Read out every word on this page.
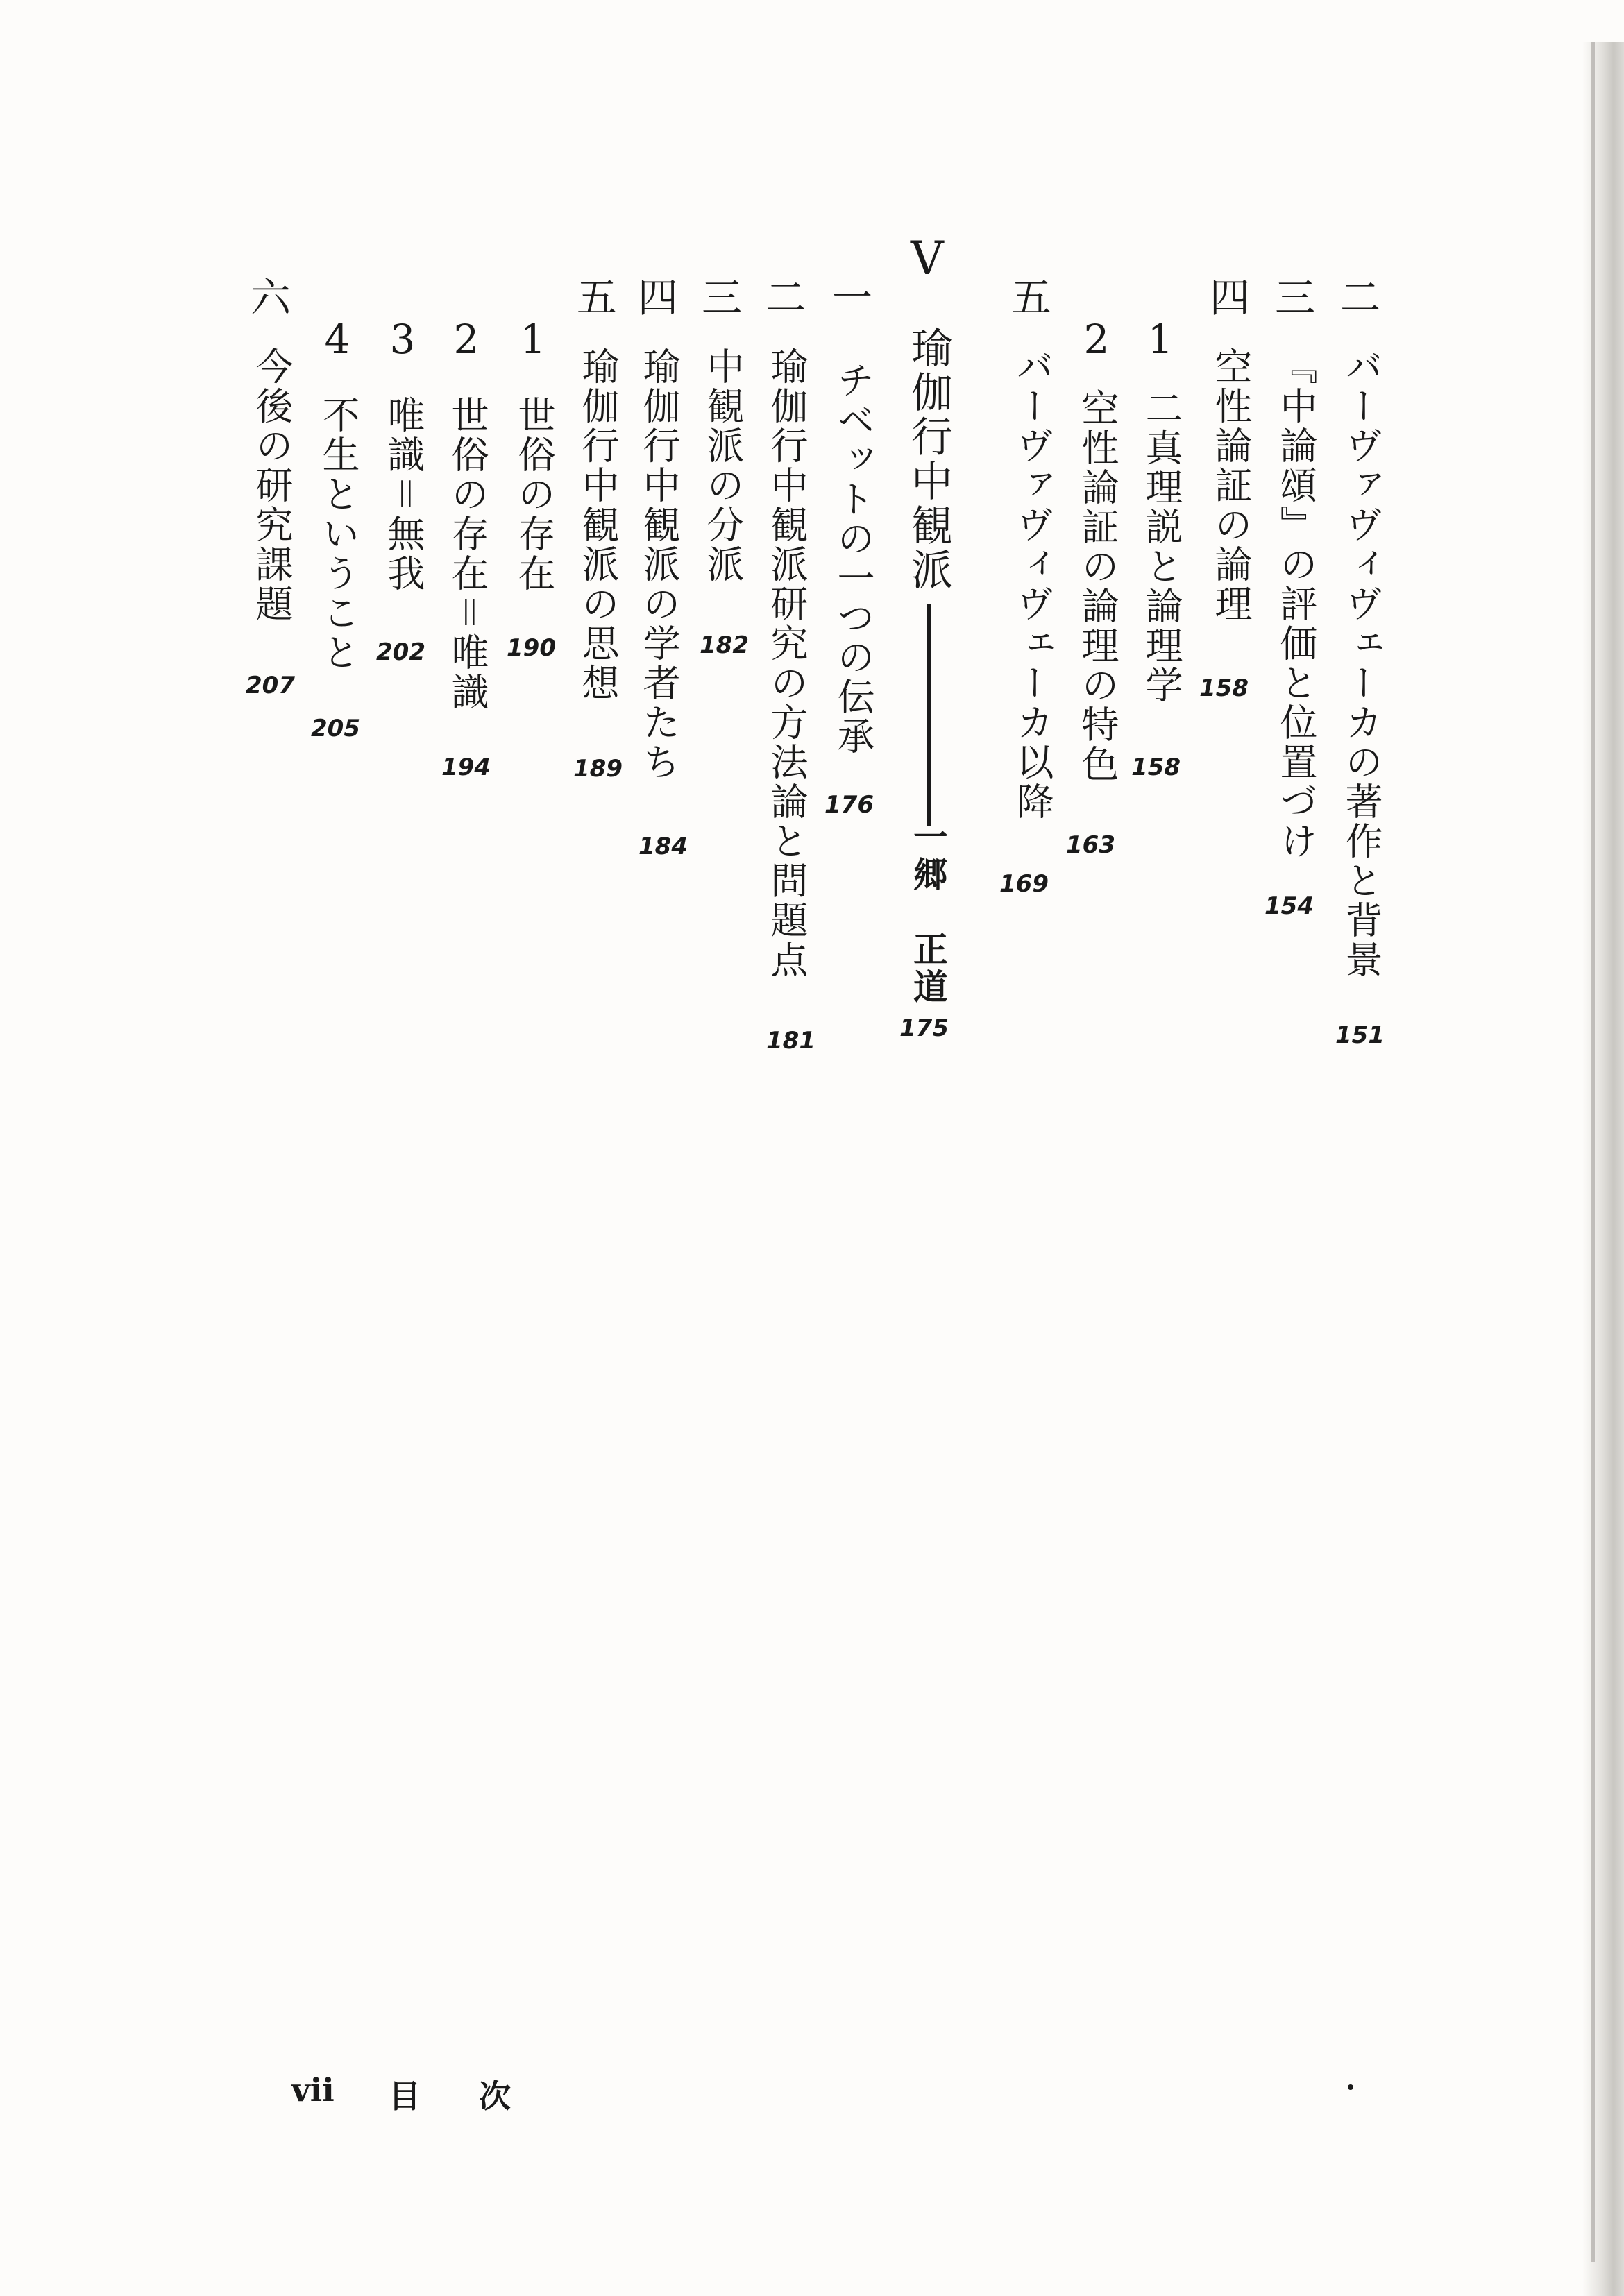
二
バーヴァヴィヴェーカの著作と背景
151
三
『中論頌』の評価と位置づけ
154
四
空性論証の論理
158
1
二真理説と論理学
158
2
空性論証の論理の特色
163
五
バーヴァヴィヴェーカ以降
169
V
瑜伽行中観派
一郷　正道
175
一
チベットの一つの伝承
176
二
瑜伽行中観派研究の方法論と問題点
181
三
中観派の分派
182
四
瑜伽行中観派の学者たち
184
五
瑜伽行中観派の思想
189
1
世俗の存在
190
2
世俗の存在＝唯識
194
3
唯識＝無我
202
4
不生ということ
205
六
今後の研究課題
207
vii 目 次
